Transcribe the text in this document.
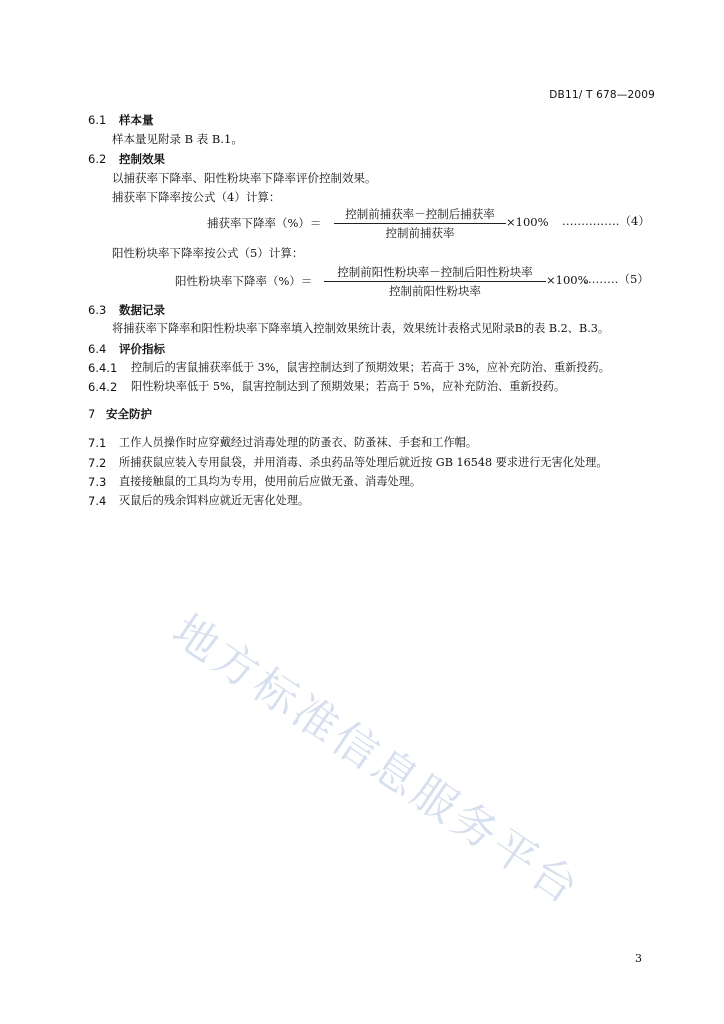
DB11/ T 678—2009
6.1 样本量
样本量见附录 B 表 B.1。
6.2 控制效果
以捕获率下降率、阳性粉块率下降率评价控制效果。
捕获率下降率按公式（4）计算：
捕获率下降率（%）＝
控制前捕获率－控制后捕获率
控制前捕获率
×100% ……………（4）
阳性粉块率下降率按公式（5）计算：
阳性粉块率下降率（%）＝
控制前阳性粉块率－控制后阳性粉块率
控制前阳性粉块率
×100%
………（5）
6.3 数据记录
将捕获率下降率和阳性粉块率下降率填入控制效果统计表，效果统计表格式见附录B的表 B.2、B.3。
6.4 评价指标
6.4.1 控制后的害鼠捕获率低于 3%，鼠害控制达到了预期效果；若高于 3%，应补充防治、重新投药。
6.4.2 阳性粉块率低于 5%，鼠害控制达到了预期效果；若高于 5%，应补充防治、重新投药。
7 安全防护
7.1 工作人员操作时应穿戴经过消毒处理的防蚤衣、防蚤袜、手套和工作帽。
7.2 所捕获鼠应装入专用鼠袋，并用消毒、杀虫药品等处理后就近按 GB 16548 要求进行无害化处理。
7.3 直接接触鼠的工具均为专用，使用前后应做无蚤、消毒处理。
7.4 灭鼠后的残余饵料应就近无害化处理。
地方标准信息服务平台
3
